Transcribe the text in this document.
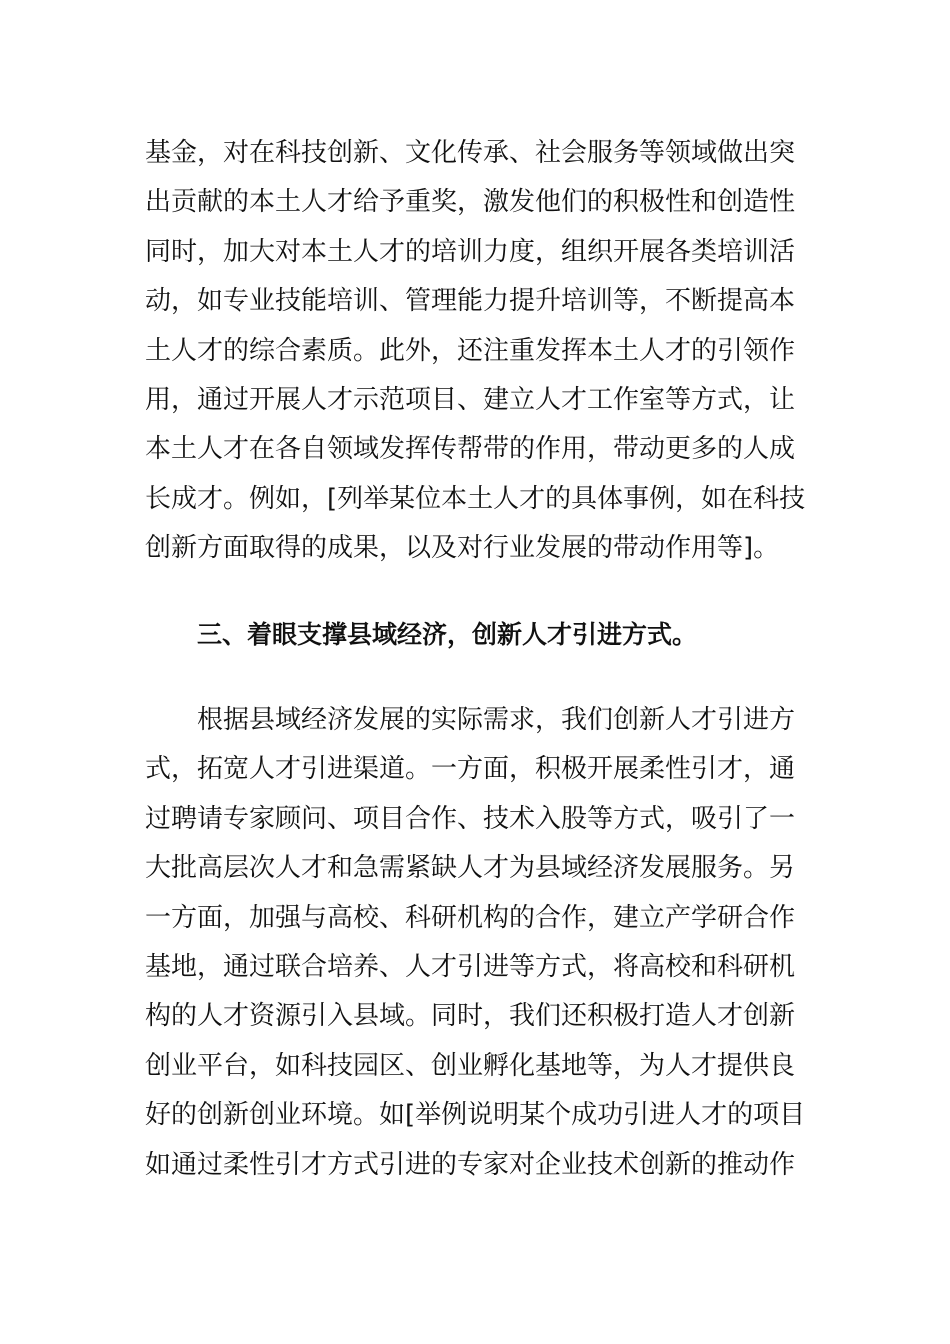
基金，对在科技创新、文化传承、社会服务等领域做出突
出贡献的本土人才给予重奖，激发他们的积极性和创造性
同时，加大对本土人才的培训力度，组织开展各类培训活
动，如专业技能培训、管理能力提升培训等，不断提高本
土人才的综合素质。此外，还注重发挥本土人才的引领作
用，通过开展人才示范项目、建立人才工作室等方式，让
本土人才在各自领域发挥传帮带的作用，带动更多的人成
长成才。例如，[列举某位本土人才的具体事例，如在科技
创新方面取得的成果，以及对行业发展的带动作用等]。
三、着眼支撑县域经济，创新人才引进方式。
　　根据县域经济发展的实际需求，我们创新人才引进方
式，拓宽人才引进渠道。一方面，积极开展柔性引才，通
过聘请专家顾问、项目合作、技术入股等方式，吸引了一
大批高层次人才和急需紧缺人才为县域经济发展服务。另
一方面，加强与高校、科研机构的合作，建立产学研合作
基地，通过联合培养、人才引进等方式，将高校和科研机
构的人才资源引入县域。同时，我们还积极打造人才创新
创业平台，如科技园区、创业孵化基地等，为人才提供良
好的创新创业环境。如[举例说明某个成功引进人才的项目
如通过柔性引才方式引进的专家对企业技术创新的推动作
